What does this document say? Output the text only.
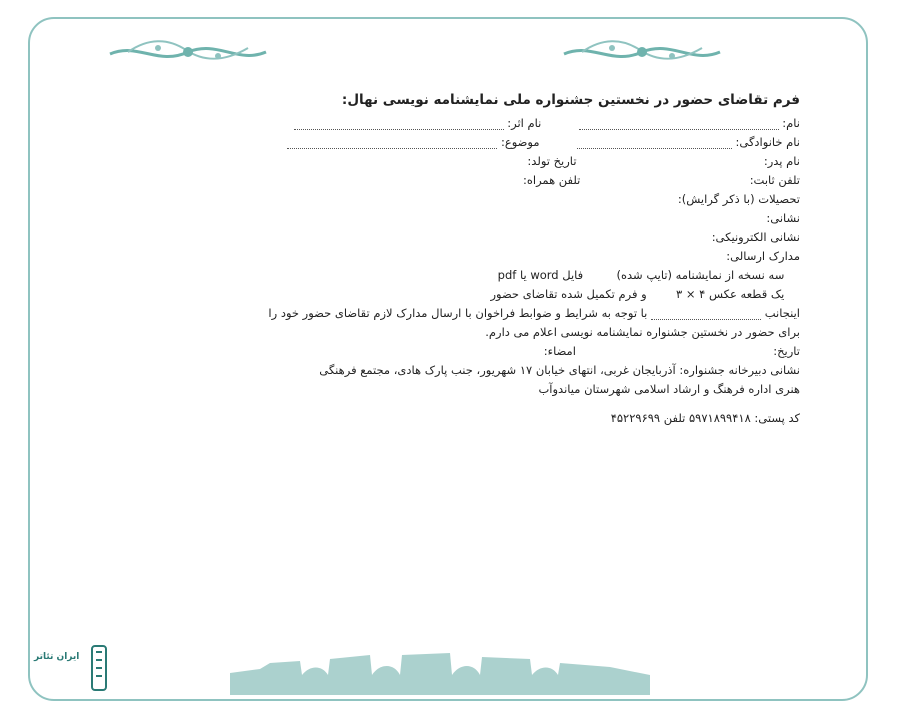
فرم تقاضای حضور در نخستین جشنواره ملی نمایشنامه نویسی نهال:
نام:   نام اثر:
نام خانوادگی:   موضوع:
نام پدر:  تاریخ تولد:
تلفن ثابت:  تلفن همراه:
تحصیلات (با ذکر گرایش):
نشانی:
نشانی الکترونیکی:
مدارک ارسالی:
سه نسخه از نمایشنامه (تایپ شده)  فایل word یا pdf
یک قطعه عکس ۴ × ۳  و فرم تکمیل شده تقاضای حضور
اینجانب  با توجه به شرایط و ضوابط فراخوان با ارسال مدارک لازم تقاضای حضور خود را
برای حضور در نخستین جشنواره نمایشنامه نویسی اعلام می دارم.
تاریخ:  امضاء:
نشانی دبیرخانه جشنواره: آذربایجان غربی، انتهای خیابان ۱۷ شهریور، جنب پارک هادی، مجتمع فرهنگی
هنری اداره فرهنگ و ارشاد اسلامی شهرستان میاندوآب
کد پستی: ۵۹۷۱۸۹۹۴۱۸ تلفن ۴۵۲۲۹۶۹۹
ایران تئاتر
